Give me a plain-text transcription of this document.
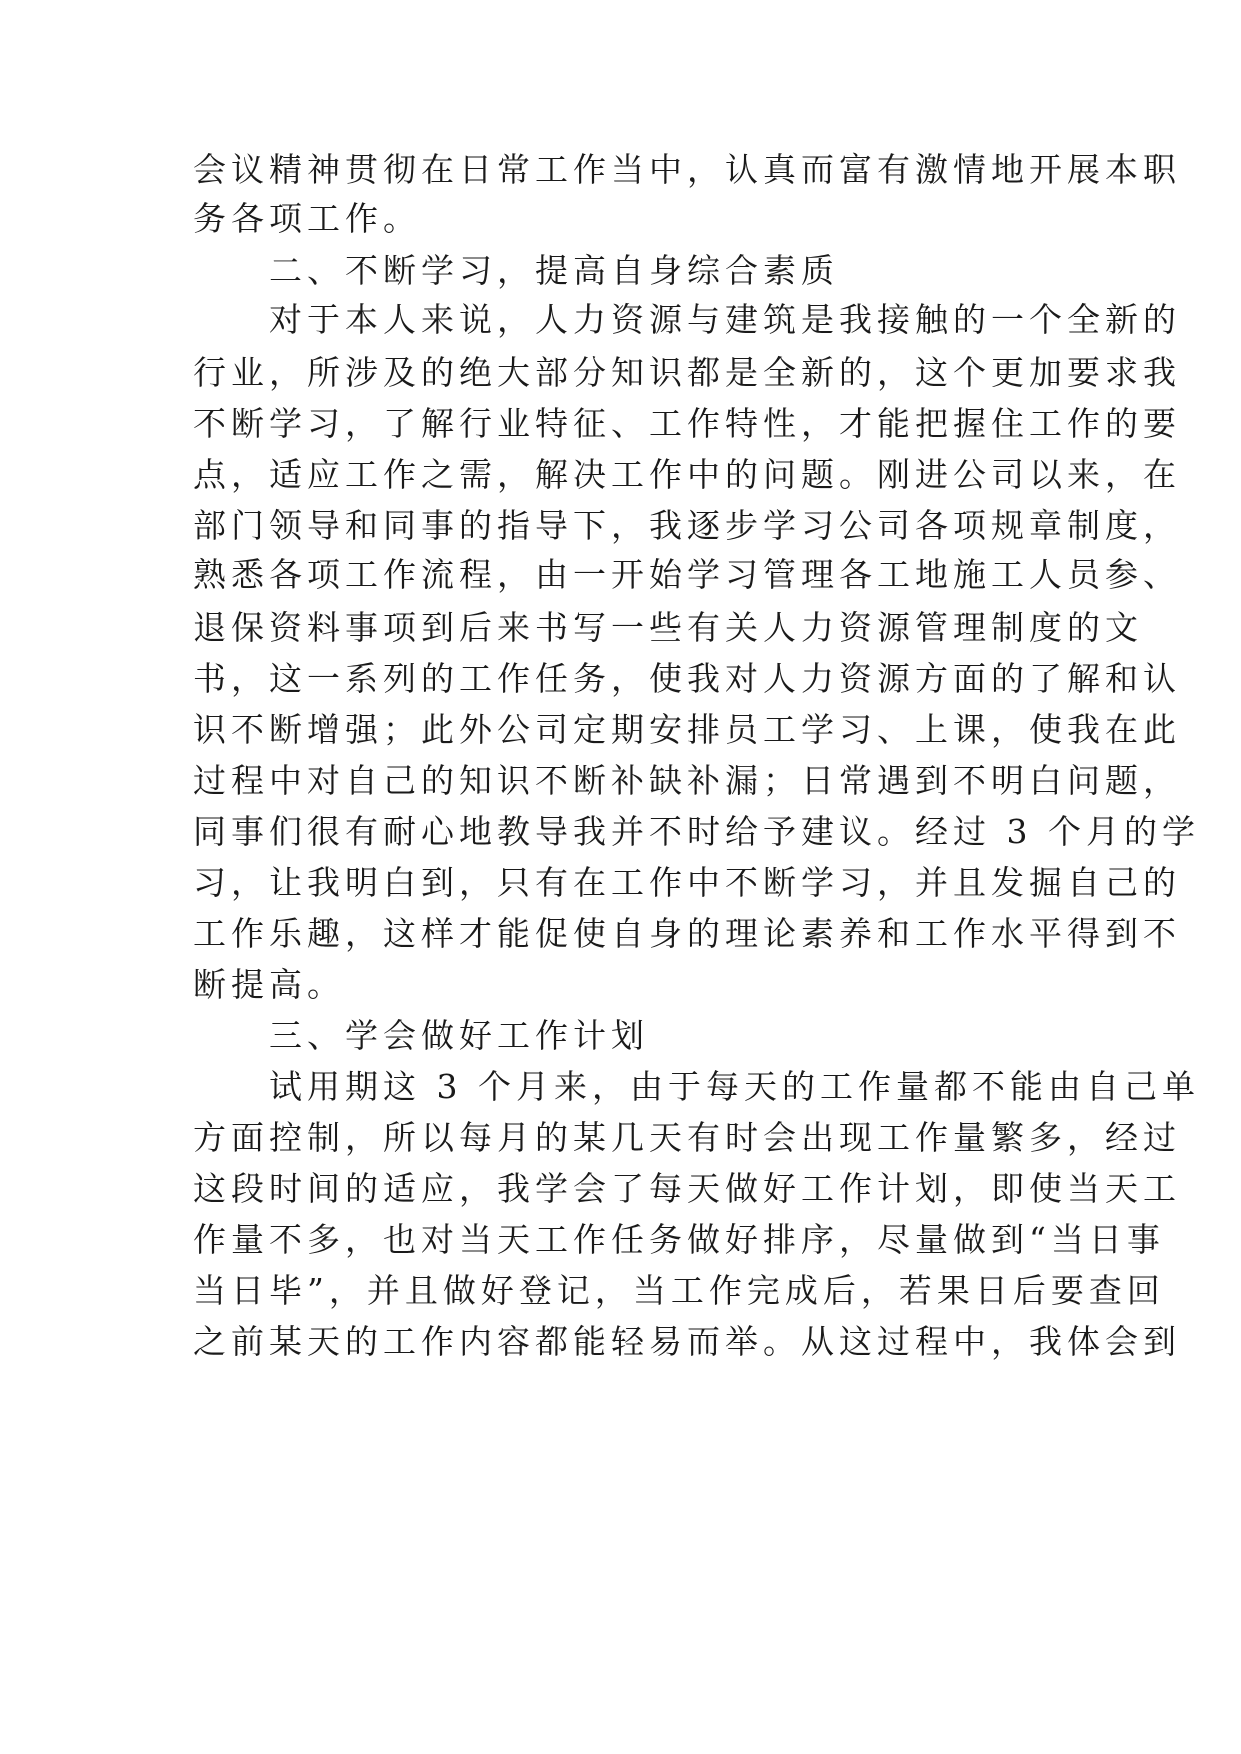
会议精神贯彻在日常工作当中，认真而富有激情地开展本职
务各项工作。
　　二、不断学习，提高自身综合素质
　　对于本人来说，人力资源与建筑是我接触的一个全新的
行业，所涉及的绝大部分知识都是全新的，这个更加要求我
不断学习，了解行业特征、工作特性，才能把握住工作的要
点，适应工作之需，解决工作中的问题。刚进公司以来，在
部门领导和同事的指导下，我逐步学习公司各项规章制度，
熟悉各项工作流程，由一开始学习管理各工地施工人员参、
退保资料事项到后来书写一些有关人力资源管理制度的文
书，这一系列的工作任务，使我对人力资源方面的了解和认
识不断增强；此外公司定期安排员工学习、上课，使我在此
过程中对自己的知识不断补缺补漏；日常遇到不明白问题，
同事们很有耐心地教导我并不时给予建议。经过 3 个月的学
习，让我明白到，只有在工作中不断学习，并且发掘自己的
工作乐趣，这样才能促使自身的理论素养和工作水平得到不
断提高。
　　三、学会做好工作计划
　　试用期这 3 个月来，由于每天的工作量都不能由自己单
方面控制，所以每月的某几天有时会出现工作量繁多，经过
这段时间的适应，我学会了每天做好工作计划，即使当天工
作量不多，也对当天工作任务做好排序，尽量做到“当日事
当日毕”，并且做好登记，当工作完成后，若果日后要查回
之前某天的工作内容都能轻易而举。从这过程中，我体会到
